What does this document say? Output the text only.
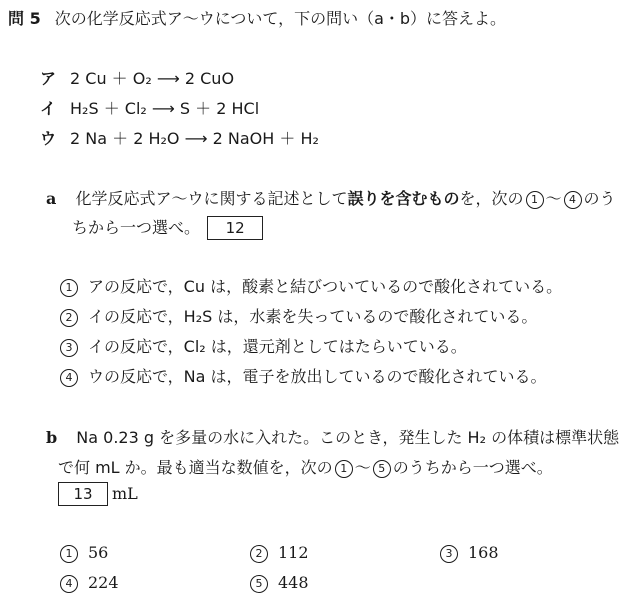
問 5 次の化学反応式ア～ウについて，下の問い（a・b）に答えよ。
ア 2 Cu ＋ O₂ ⟶ 2 CuO
イ H₂S ＋ Cl₂ ⟶ S ＋ 2 HCl
ウ 2 Na ＋ 2 H₂O ⟶ 2 NaOH ＋ H₂
a 化学反応式ア～ウに関する記述として誤りを含むものを，次の 1 ～ 4 のう
ちから一つ選べ。 12
1 アの反応で，Cu は，酸素と結びついているので酸化されている。
2 イの反応で，H₂S は，水素を失っているので酸化されている。
3 イの反応で，Cl₂ は，還元剤としてはたらいている。
4 ウの反応で，Na は，電子を放出しているので酸化されている。
b Na 0.23 g を多量の水に入れた。このとき，発生した H₂ の体積は標準状態
で何 mL か。最も適当な数値を，次の 1 ～ 5 のうちから一つ選べ。
13 mL
1 56	2 112	3 168
4 224	5 448
